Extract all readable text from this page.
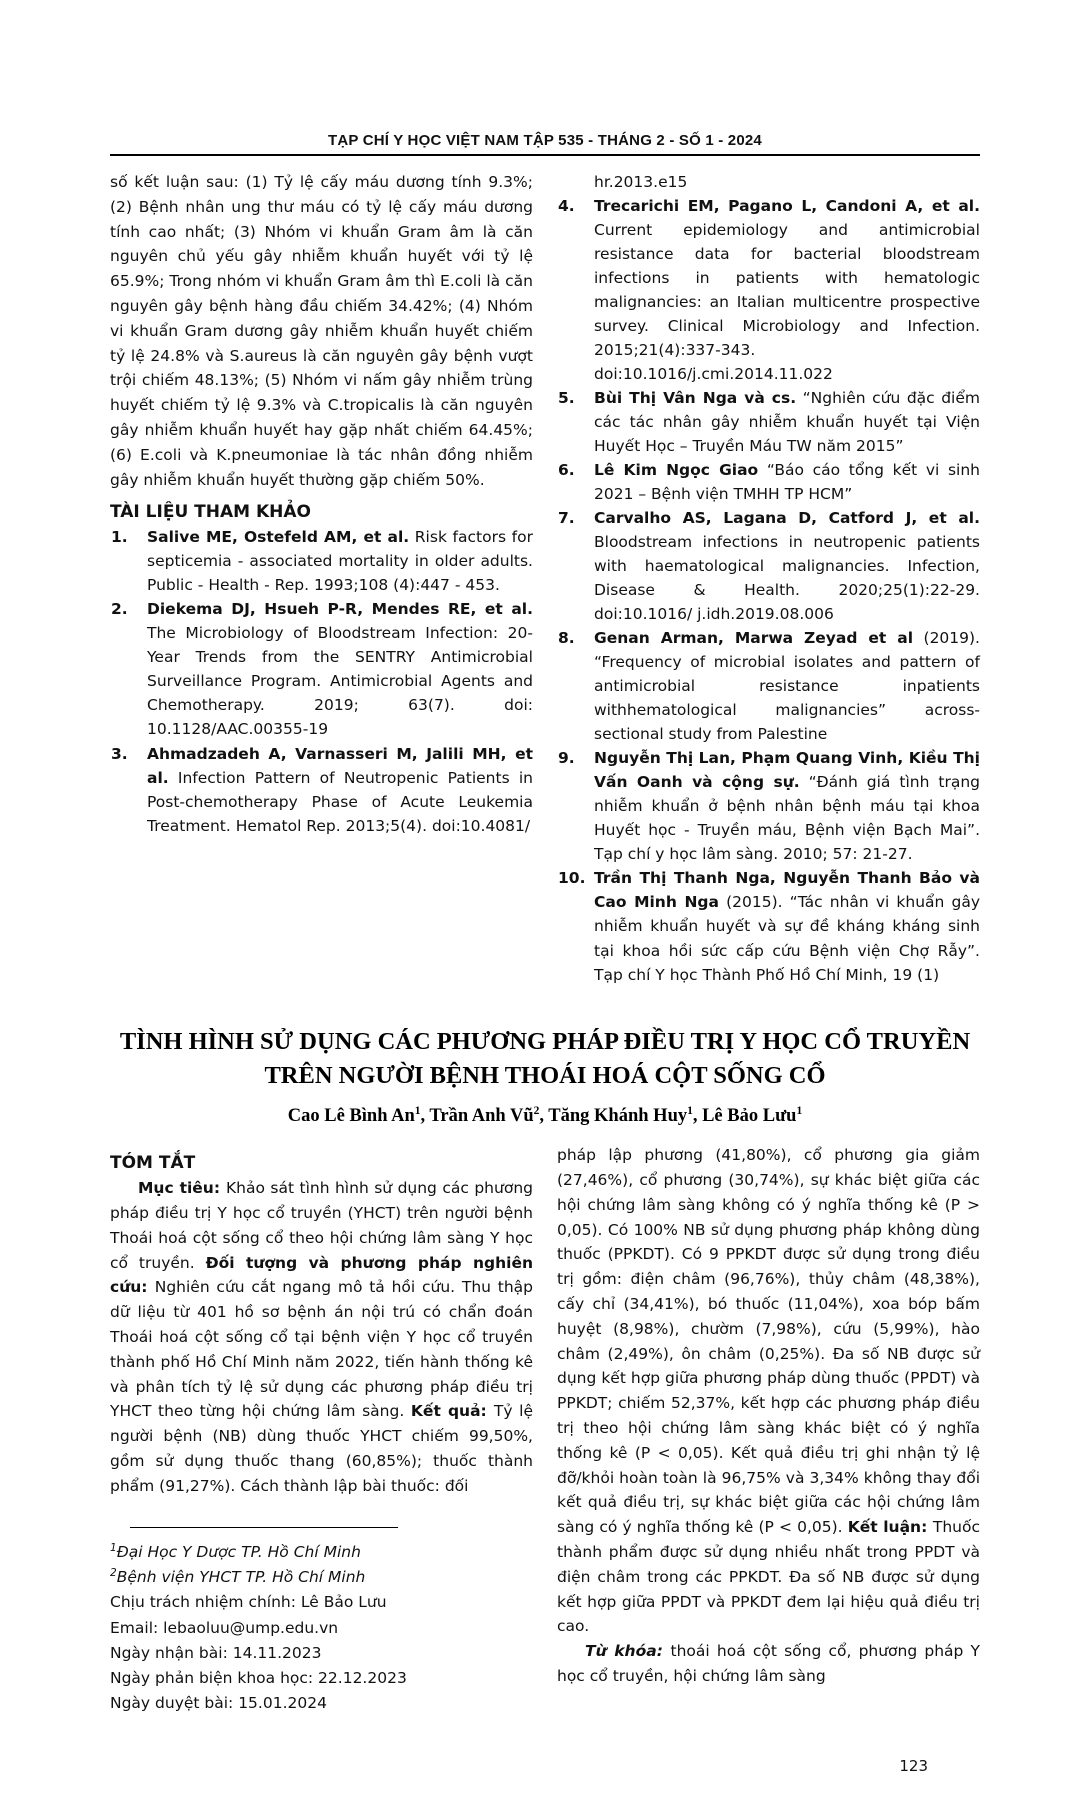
TẠP CHÍ Y HỌC VIỆT NAM TẬP 535 - THÁNG 2 - SỐ 1 - 2024

số kết luận sau: (1) Tỷ lệ cấy máu dương tính 9.3%; (2) Bệnh nhân ung thư máu có tỷ lệ cấy máu dương tính cao nhất; (3) Nhóm vi khuẩn Gram âm là căn nguyên chủ yếu gây nhiễm khuẩn huyết với tỷ lệ 65.9%; Trong nhóm vi khuẩn Gram âm thì E.coli là căn nguyên gây bệnh hàng đầu chiếm 34.42%; (4) Nhóm vi khuẩn Gram dương gây nhiễm khuẩn huyết chiếm tỷ lệ 24.8% và S.aureus là căn nguyên gây bệnh vượt trội chiếm 48.13%; (5) Nhóm vi nấm gây nhiễm trùng huyết chiếm tỷ lệ 9.3% và C.tropicalis là căn nguyên gây nhiễm khuẩn huyết hay gặp nhất chiếm 64.45%; (6) E.coli và K.pneumoniae là tác nhân đồng nhiễm gây nhiễm khuẩn huyết thường gặp chiếm 50%.

TÀI LIỆU THAM KHẢO
1. Salive ME, Ostefeld AM, et al. Risk factors for septicemia - associated mortality in older adults. Public - Health - Rep. 1993;108 (4):447 - 453.
2. Diekema DJ, Hsueh P-R, Mendes RE, et al. The Microbiology of Bloodstream Infection: 20-Year Trends from the SENTRY Antimicrobial Surveillance Program. Antimicrobial Agents and Chemotherapy. 2019; 63(7). doi: 10.1128/AAC.00355-19
3. Ahmadzadeh A, Varnasseri M, Jalili MH, et al. Infection Pattern of Neutropenic Patients in Post-chemotherapy Phase of Acute Leukemia Treatment. Hematol Rep. 2013;5(4). doi:10.4081/
hr.2013.e15
4. Trecarichi EM, Pagano L, Candoni A, et al. Current epidemiology and antimicrobial resistance data for bacterial bloodstream infections in patients with hematologic malignancies: an Italian multicentre prospective survey. Clinical Microbiology and Infection. 2015;21(4):337-343. doi:10.1016/j.cmi.2014.11.022
5. Bùi Thị Vân Nga và cs. “Nghiên cứu đặc điểm các tác nhân gây nhiễm khuẩn huyết tại Viện Huyết Học – Truyền Máu TW năm 2015”
6. Lê Kim Ngọc Giao “Báo cáo tổng kết vi sinh 2021 – Bệnh viện TMHH TP HCM”
7. Carvalho AS, Lagana D, Catford J, et al. Bloodstream infections in neutropenic patients with haematological malignancies. Infection, Disease & Health. 2020;25(1):22-29. doi:10.1016/ j.idh.2019.08.006
8. Genan Arman, Marwa Zeyad et al (2019). “Frequency of microbial isolates and pattern of antimicrobial resistance inpatients withhematological malignancies” across-sectional study from Palestine
9. Nguyễn Thị Lan, Phạm Quang Vinh, Kiều Thị Vấn Oanh và cộng sự. “Đánh giá tình trạng nhiễm khuẩn ở bệnh nhân bệnh máu tại khoa Huyết học - Truyền máu, Bệnh viện Bạch Mai”. Tạp chí y học lâm sàng. 2010; 57: 21-27.
10. Trần Thị Thanh Nga, Nguyễn Thanh Bảo và Cao Minh Nga (2015). “Tác nhân vi khuẩn gây nhiễm khuẩn huyết và sự đề kháng kháng sinh tại khoa hồi sức cấp cứu Bệnh viện Chợ Rẫy”. Tạp chí Y học Thành Phố Hồ Chí Minh, 19 (1)
TÌNH HÌNH SỬ DỤNG CÁC PHƯƠNG PHÁP ĐIỀU TRỊ Y HỌC CỔ TRUYỀN
TRÊN NGƯỜI BỆNH THOÁI HOÁ CỘT SỐNG CỔ
Cao Lê Bình An$^1$, Trần Anh $Vũ^2$, Tăng Khánh Huy$^1$, Lê Bảo Lưu$^1$
TÓM TẮT

Mục tiêu: Khảo sát tình hình sử dụng các phương pháp điều trị Y học cổ truyền (YHCT) trên người bệnh Thoái hoá cột sống cổ theo hội chứng lâm sàng Y học cổ truyền. Đối tượng và phương pháp nghiên cứu: Nghiên cứu cắt ngang mô tả hồi cứu. Thu thập dữ liệu từ 401 hồ sơ bệnh án nội trú có chẩn đoán Thoái hoá cột sống cổ tại bệnh viện Y học cổ truyền thành phố Hồ Chí Minh năm 2022, tiến hành thống kê và phân tích tỷ lệ sử dụng các phương pháp điều trị YHCT theo từng hội chứng lâm sàng. Kết quả: Tỷ lệ người bệnh (NB) dùng thuốc YHCT chiếm 99,50%, gồm sử dụng thuốc thang (60,85%); thuốc thành phẩm (91,27%). Cách thành lập bài thuốc: đối

$^1$Đại Học Y Dược TP. Hồ Chí Minh
$^2$Bệnh viện YHCT TP. Hồ Chí Minh
Chịu trách nhiệm chính: Lê Bảo Lưu
Email: lebaoluu@ump.edu.vn
Ngày nhận bài: 14.11.2023
Ngày phản biện khoa học: 22.12.2023
Ngày duyệt bài: 15.01.2024

pháp lập phương (41,80%), cổ phương gia giảm (27,46%), cổ phương (30,74%), sự khác biệt giữa các hội chứng lâm sàng không có ý nghĩa thống kê (P > 0,05). Có 100% NB sử dụng phương pháp không dùng thuốc (PPKDT). Có 9 PPKDT được sử dụng trong điều trị gồm: điện châm (96,76%), thủy châm (48,38%), cấy chỉ (34,41%), bó thuốc (11,04%), xoa bóp bấm huyệt (8,98%), chườm (7,98%), cứu (5,99%), hào châm (2,49%), ôn châm (0,25%). Đa số NB được sử dụng kết hợp giữa phương pháp dùng thuốc (PPDT) và PPKDT; chiếm 52,37%, kết hợp các phương pháp điều trị theo hội chứng lâm sàng khác biệt có ý nghĩa thống kê (P < 0,05). Kết quả điều trị ghi nhận tỷ lệ đỡ/khỏi hoàn toàn là 96,75% và 3,34% không thay đổi kết quả điều trị, sự khác biệt giữa các hội chứng lâm sàng có ý nghĩa thống kê (P < 0,05). Kết luận: Thuốc thành phẩm được sử dụng nhiều nhất trong PPDT và điện châm trong các PPKDT. Đa số NB được sử dụng kết hợp giữa PPDT và PPKDT đem lại hiệu quả điều trị cao.

Từ khóa: thoái hoá cột sống cổ, phương pháp Y học cổ truyền, hội chứng lâm sàng

123
